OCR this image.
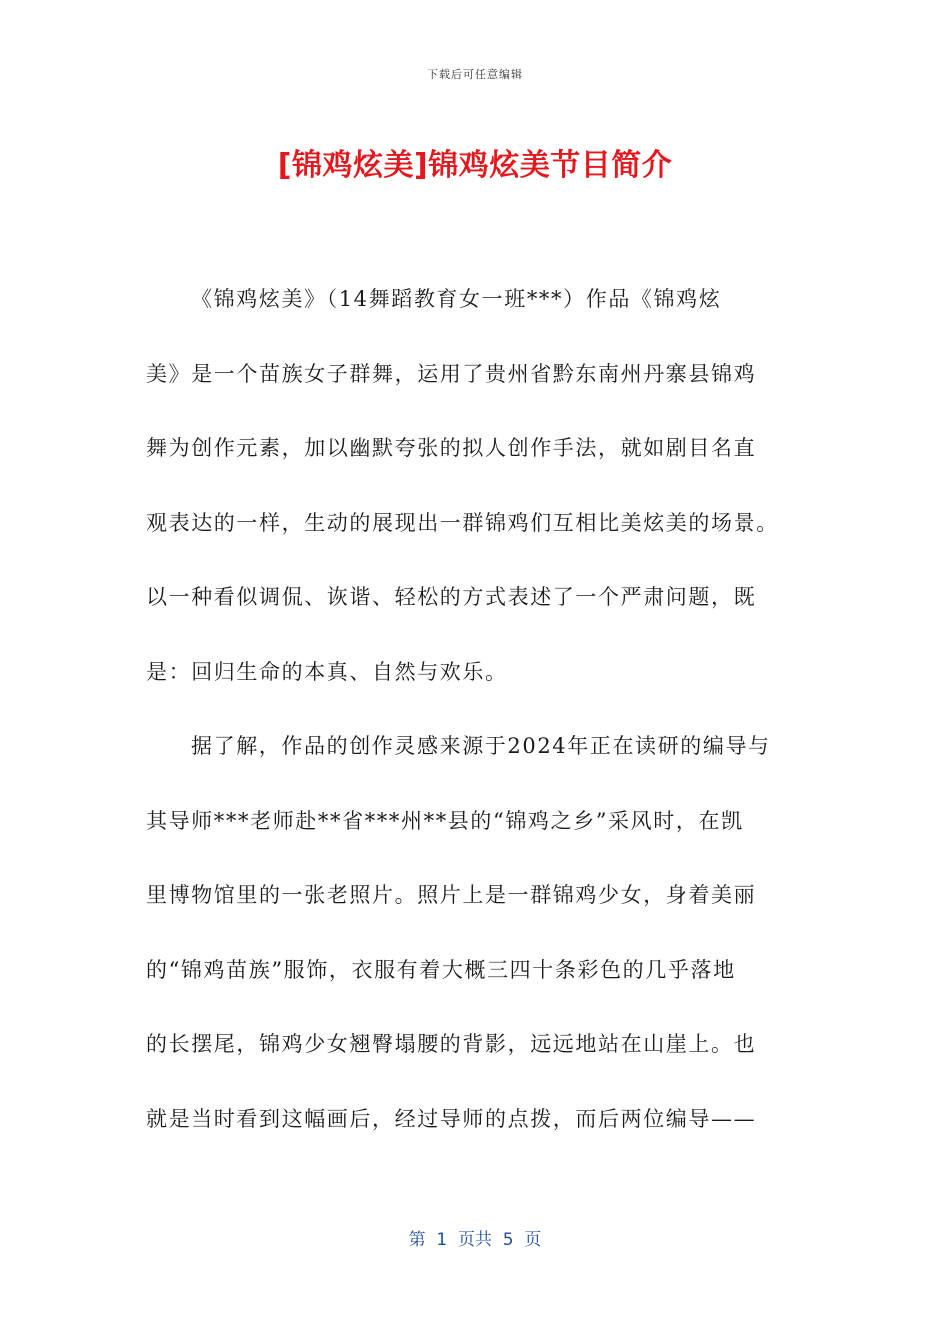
下载后可任意编辑
[锦鸡炫美]锦鸡炫美节目简介
《锦鸡炫美》（14舞蹈教育女一班***）作品《锦鸡炫
美》是一个苗族女子群舞，运用了贵州省黔东南州丹寨县锦鸡
舞为创作元素，加以幽默夸张的拟人创作手法，就如剧目名直
观表达的一样，生动的展现出一群锦鸡们互相比美炫美的场景。
以一种看似调侃、诙谐、轻松的方式表述了一个严肃问题，既
是：回归生命的本真、自然与欢乐。
据了解，作品的创作灵感来源于2024年正在读研的编导与
其导师***老师赴**省***州**县的“锦鸡之乡”采风时，在凯
里博物馆里的一张老照片。照片上是一群锦鸡少女，身着美丽
的“锦鸡苗族”服饰，衣服有着大概三四十条彩色的几乎落地
的长摆尾，锦鸡少女翘臀塌腰的背影，远远地站在山崖上。也
就是当时看到这幅画后，经过导师的点拨，而后两位编导——
第  1  页共  5  页
